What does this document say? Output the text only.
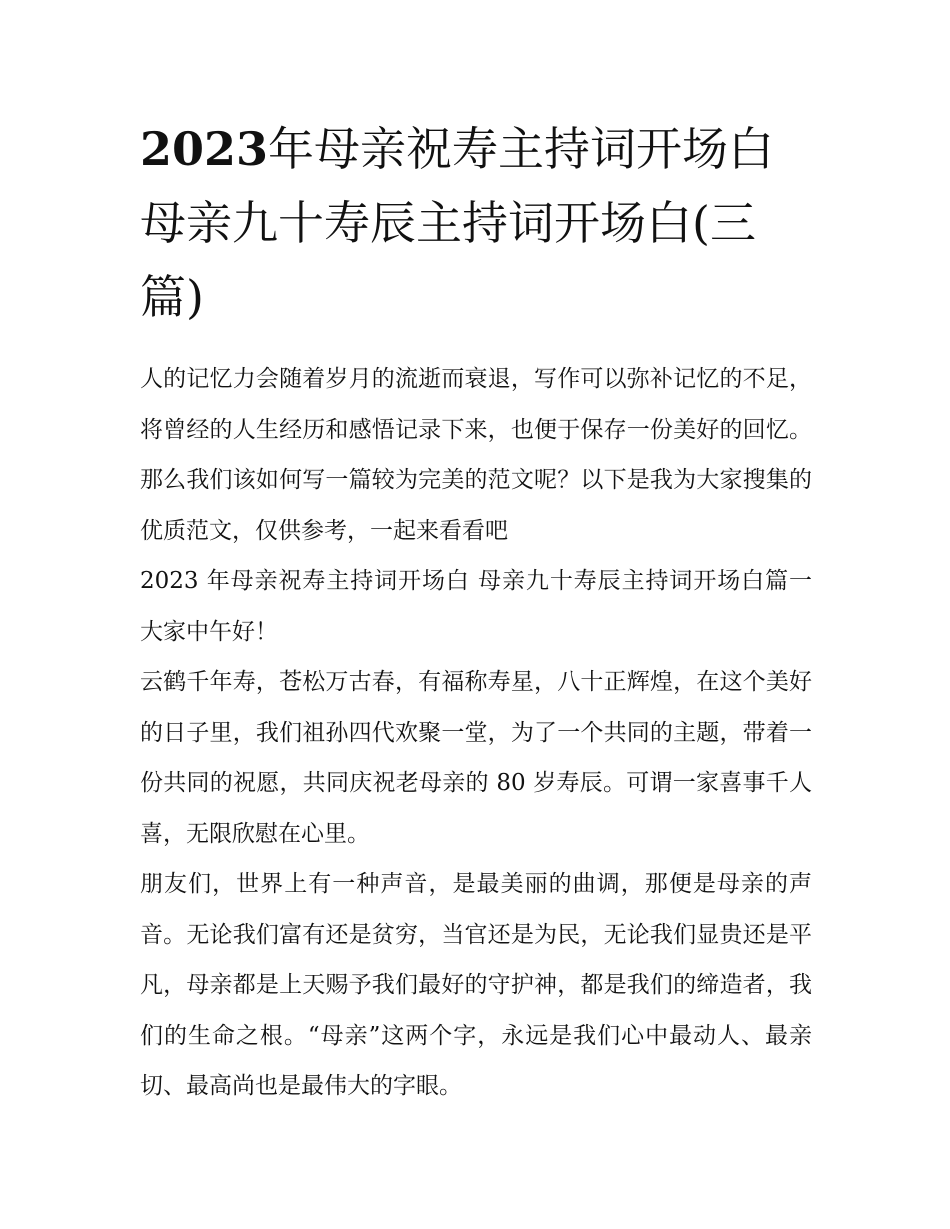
2023年母亲祝寿主持词开场白母亲九十寿辰主持词开场白(三篇)

人的记忆力会随着岁月的流逝而衰退，写作可以弥补记忆的不足，将曾经的人生经历和感悟记录下来，也便于保存一份美好的回忆。那么我们该如何写一篇较为完美的范文呢？以下是我为大家搜集的优质范文，仅供参考，一起来看看吧

2023 年母亲祝寿主持词开场白 母亲九十寿辰主持词开场白篇一 大家中午好！

云鹤千年寿，苍松万古春，有福称寿星，八十正辉煌，在这个美好的日子里，我们祖孙四代欢聚一堂，为了一个共同的主题，带着一份共同的祝愿，共同庆祝老母亲的 80 岁寿辰。可谓一家喜事千人喜，无限欣慰在心里。

朋友们，世界上有一种声音，是最美丽的曲调，那便是母亲的声音。无论我们富有还是贫穷，当官还是为民，无论我们显贵还是平凡，母亲都是上天赐予我们最好的守护神，都是我们的缔造者，我们的生命之根。“母亲”这两个字，永远是我们心中最动人、最亲切、最高尚也是最伟大的字眼。
